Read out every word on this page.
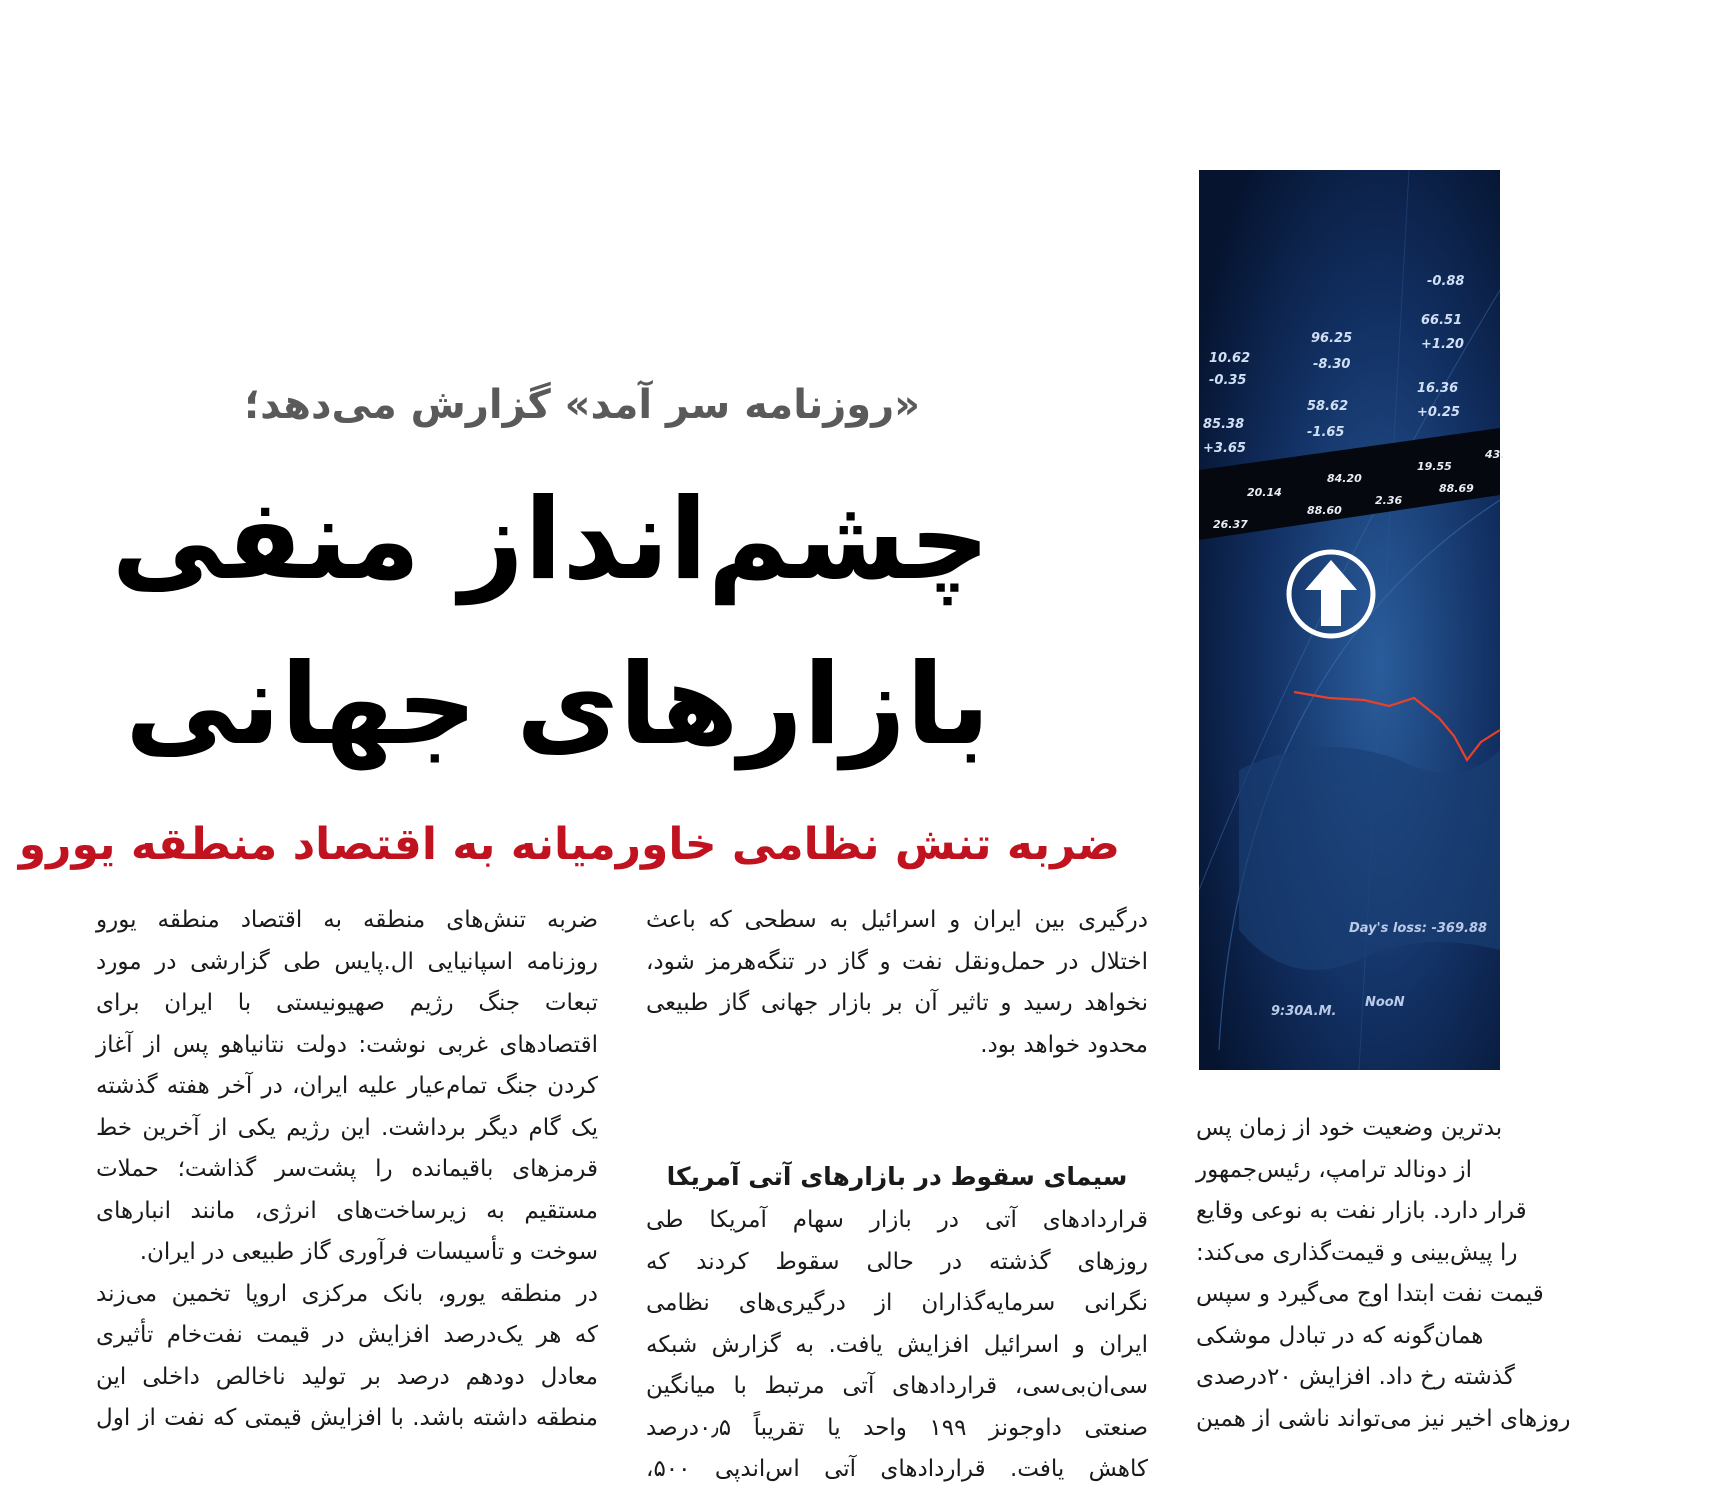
«روزنامه سر آمد» گزارش می‌دهد؛
چشم‌انداز منفی
بازارهای جهانی
ضربه تنش نظامی خاورمیانه به اقتصاد منطقه یورو
ضربه تنش‌های منطقه به اقتصاد منطقه یورو
روزنامه اسپانیایی ال.پایس طی گزارشی در مورد
تبعات جنگ رژیم صهیونیستی با ایران برای
اقتصادهای غربی نوشت: دولت نتانیاهو پس از آغاز
کردن جنگ تمام‌عیار علیه ایران، در آخر هفته گذشته
یک گام دیگر برداشت. این رژیم یکی از آخرین خط
قرمزهای باقیمانده را پشت‌سر گذاشت؛ حملات
مستقیم به زیرساخت‌های انرژی، مانند انبارهای
سوخت و تأسیسات فرآوری گاز طبیعی در ایران.
در منطقه یورو، بانک مرکزی اروپا تخمین می‌زند
که هر یک‌درصد افزایش در قیمت نفت‌خام تأثیری
معادل دودهم درصد بر تولید ناخالص داخلی این
منطقه داشته باشد. با افزایش قیمتی که نفت از اول
درگیری بین ایران و اسرائیل به سطحی که باعث
اختلال در حمل‌ونقل نفت و گاز در تنگه‌هرمز شود،
نخواهد رسید و تاثیر آن بر بازار جهانی گاز طبیعی
محدود خواهد بود.
سیمای سقوط در بازارهای آتی آمریکا
قراردادهای آتی در بازار سهام آمریکا طی
روزهای گذشته در حالی سقوط کردند که
نگرانی سرمایه‌گذاران از درگیری‌های نظامی
ایران و اسرائیل افزایش یافت. به گزارش شبکه
سی‌ان‌بی‌سی، قراردادهای آتی مرتبط با میانگین
صنعتی داوجونز ۱۹۹ واحد یا تقریباً ۰٫۵درصد
کاهش یافت. قراردادهای آتی اس‌اندپی ۵۰۰،
بدترین وضعیت خود از زمان پس
از دونالد ترامپ، رئیس‌جمهور
قرار دارد. بازار نفت به نوعی وقایع
را پیش‌بینی و قیمت‌گذاری می‌کند:
قیمت نفت ابتدا اوج می‌گیرد و سپس
همان‌گونه که در تبادل موشکی
گذشته رخ داد. افزایش ۲۰درصدی
روزهای اخیر نیز می‌تواند ناشی از همین
-0.88
66.51
+1.20
96.25
-8.30
16.36
+0.25
58.62
-1.65
85.38
+3.65
10.62
-0.35
20.14
84.20
19.55
43.
26.37
88.60
2.36
88.69
Day's loss: -369.88
9:30A.M.
NooN
